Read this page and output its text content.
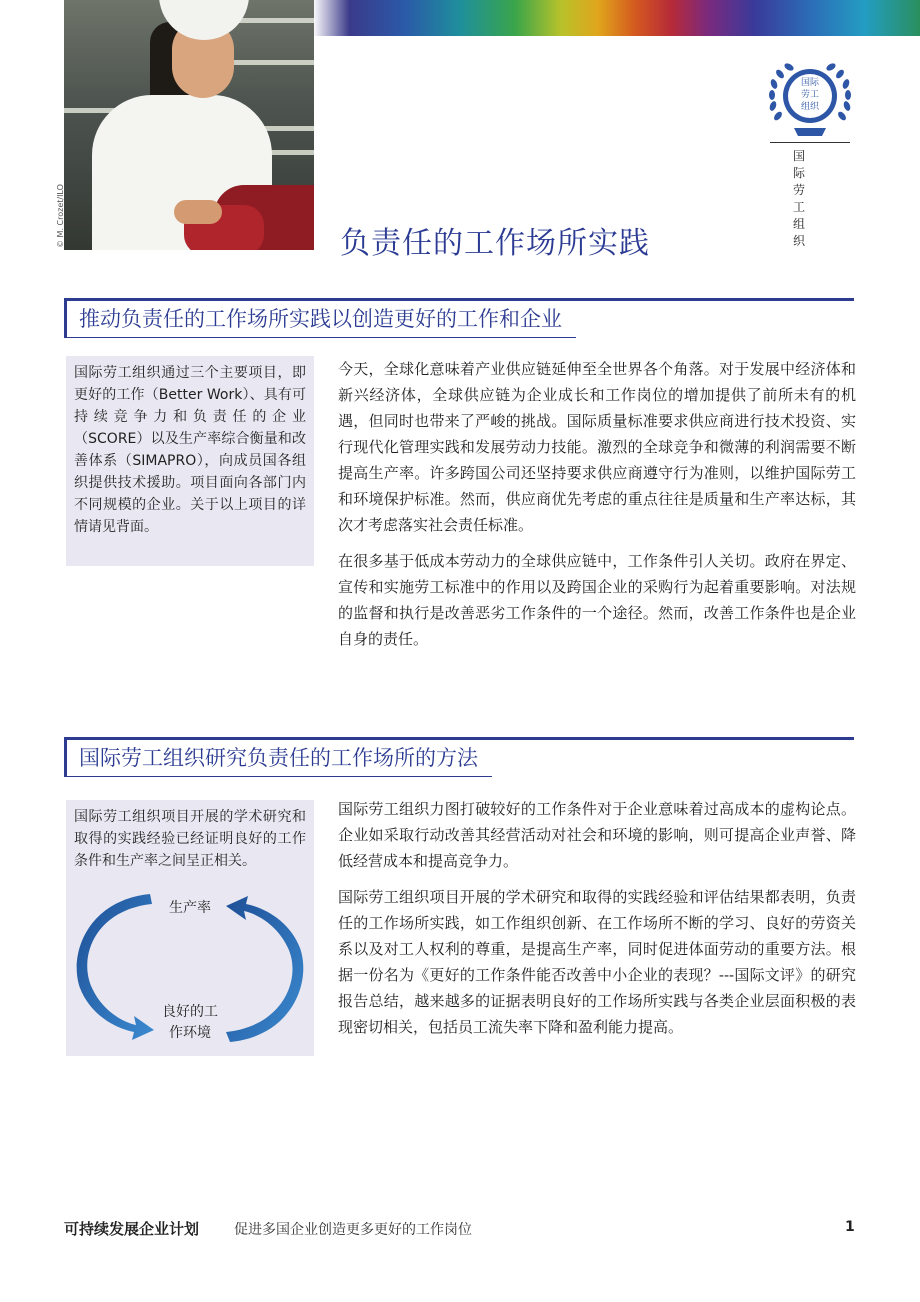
© M. Crozet/ILO
国际
劳工
组织
国 际
劳 工
组 织
负责任的工作场所实践
推动负责任的工作场所实践以创造更好的工作和企业
国际劳工组织通过三个主要项目，即更好的工作（Better Work）、具有可持续竞争力和负责任的企业（SCORE）以及生产率综合衡量和改善体系（SIMAPRO），向成员国各组织提供技术援助。项目面向各部门内不同规模的企业。关于以上项目的详情请见背面。

今天，全球化意味着产业供应链延伸至全世界各个角落。对于发展中经济体和新兴经济体，全球供应链为企业成长和工作岗位的增加提供了前所未有的机遇，但同时也带来了严峻的挑战。国际质量标准要求供应商进行技术投资、实行现代化管理实践和发展劳动力技能。激烈的全球竞争和微薄的利润需要不断提高生产率。许多跨国公司还坚持要求供应商遵守行为准则，以维护国际劳工和环境保护标准。然而，供应商优先考虑的重点往往是质量和生产率达标，其次才考虑落实社会责任标准。

在很多基于低成本劳动力的全球供应链中，工作条件引人关切。政府在界定、宣传和实施劳工标准中的作用以及跨国企业的采购行为起着重要影响。对法规的监督和执行是改善恶劣工作条件的一个途径。然而，改善工作条件也是企业自身的责任。

国际劳工组织研究负责任的工作场所的方法
国际劳工组织项目开展的学术研究和取得的实践经验已经证明良好的工作条件和生产率之间呈正相关。
生产率
良好的工
作环境

国际劳工组织力图打破较好的工作条件对于企业意味着过高成本的虚构论点。企业如采取行动改善其经营活动对社会和环境的影响，则可提高企业声誉、降低经营成本和提高竞争力。

国际劳工组织项目开展的学术研究和取得的实践经验和评估结果都表明，负责任的工作场所实践，如工作组织创新、在工作场所不断的学习、良好的劳资关系以及对工人权利的尊重，是提高生产率，同时促进体面劳动的重要方法。根据一份名为《更好的工作条件能否改善中小企业的表现？---国际文评》的研究报告总结，越来越多的证据表明良好的工作场所实践与各类企业层面积极的表现密切相关，包括员工流失率下降和盈利能力提高。

可持续发展企业计划 促进多国企业创造更多更好的工作岗位	1
